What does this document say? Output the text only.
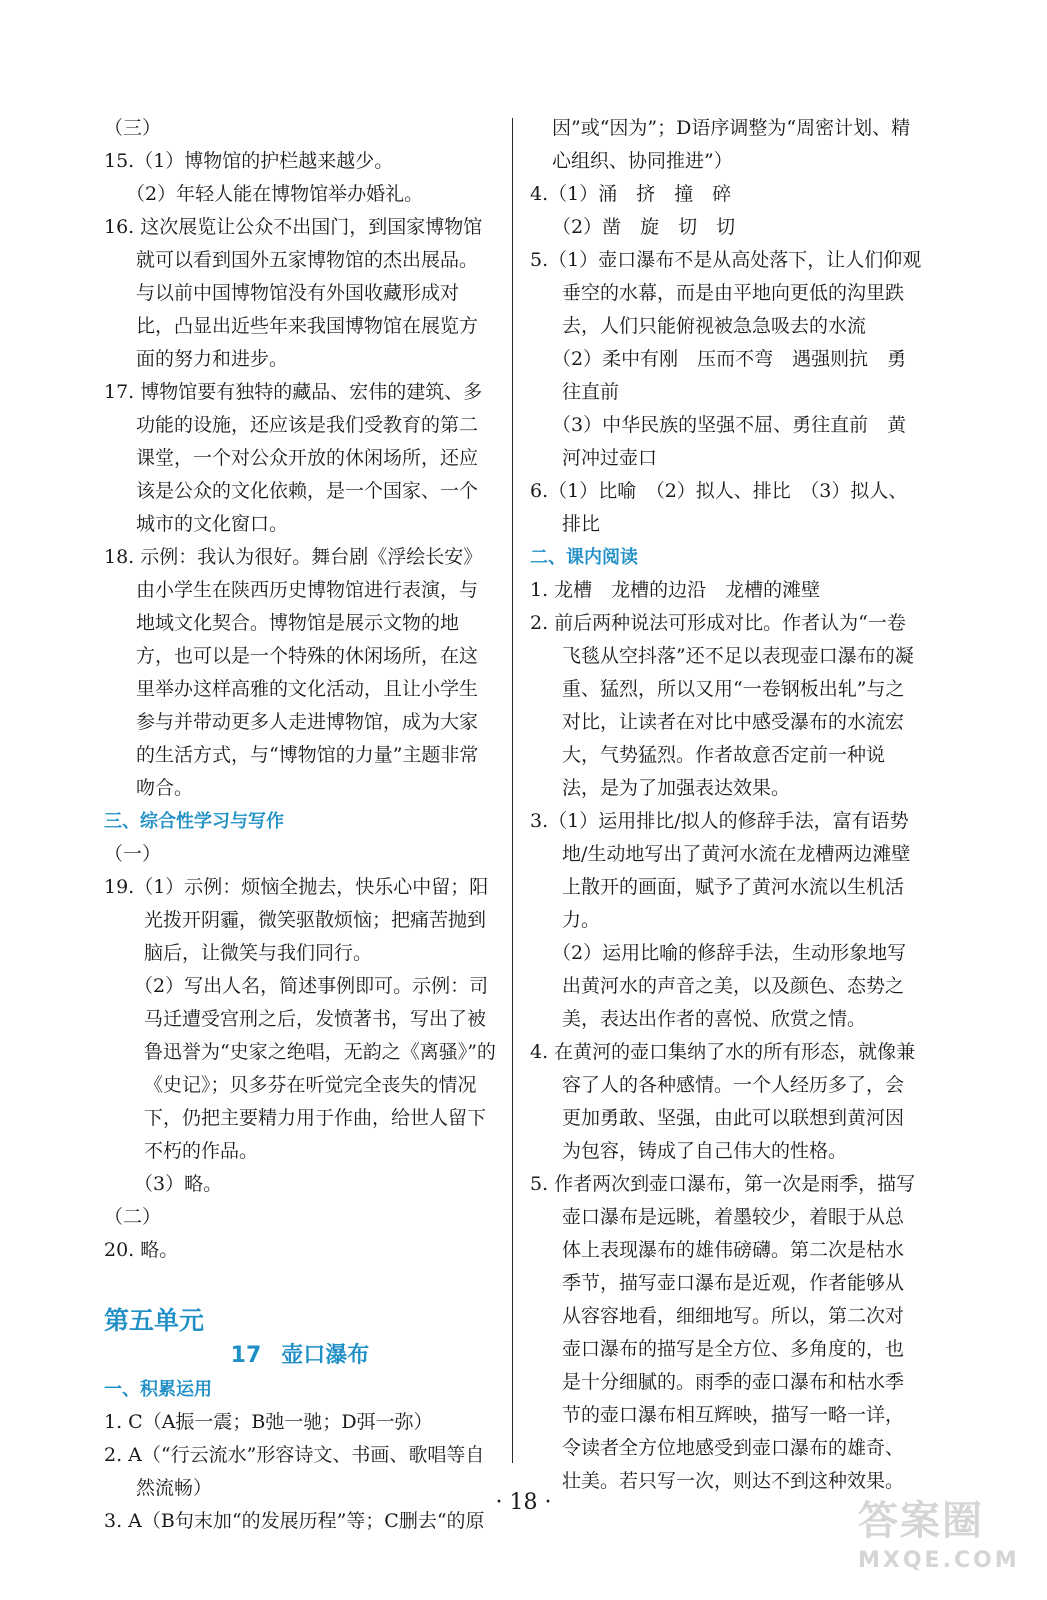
（三）
15.（1）博物馆的护栏越来越少。
（2）年轻人能在博物馆举办婚礼。
16. 这次展览让公众不出国门，到国家博物馆就可以看到国外五家博物馆的杰出展品。与以前中国博物馆没有外国收藏形成对比，凸显出近些年来我国博物馆在展览方面的努力和进步。
17. 博物馆要有独特的藏品、宏伟的建筑、多功能的设施，还应该是我们受教育的第二课堂，一个对公众开放的休闲场所，还应该是公众的文化依赖，是一个国家、一个城市的文化窗口。
18. 示例：我认为很好。舞台剧《浮绘长安》由小学生在陕西历史博物馆进行表演，与地域文化契合。博物馆是展示文物的地方，也可以是一个特殊的休闲场所，在这里举办这样高雅的文化活动，且让小学生参与并带动更多人走进博物馆，成为大家的生活方式，与“博物馆的力量”主题非常吻合。
三、综合性学习与写作
（一）
19.（1）示例：烦恼全抛去，快乐心中留；阳光拨开阴霾，微笑驱散烦恼；把痛苦抛到脑后，让微笑与我们同行。
（2）写出人名，简述事例即可。示例：司马迁遭受宫刑之后，发愤著书，写出了被鲁迅誉为“史家之绝唱，无韵之《离骚》”的《史记》；贝多芬在听觉完全丧失的情况下，仍把主要精力用于作曲，给世人留下不朽的作品。
（3）略。
（二）
20. 略。
第五单元
17 壶口瀑布
一、积累运用
1. C（A振一震；B弛一驰；D弭一弥）
2. A（“行云流水”形容诗文、书画、歌唱等自然流畅）
3. A（B句末加“的发展历程”等；C删去“的原
因”或“因为”；D语序调整为“周密计划、精心组织、协同推进”）
4.（1）涌　挤　撞　碎
（2）凿　旋　切　切
5.（1）壶口瀑布不是从高处落下，让人们仰观垂空的水幕，而是由平地向更低的沟里跌去，人们只能俯视被急急吸去的水流
（2）柔中有刚　压而不弯　遇强则抗　勇往直前
（3）中华民族的坚强不屈、勇往直前　黄河冲过壶口
6.（1）比喻　（2）拟人、排比　（3）拟人、排比
二、课内阅读
1. 龙槽　龙槽的边沿　龙槽的滩壁
2. 前后两种说法可形成对比。作者认为“一卷飞毯从空抖落”还不足以表现壶口瀑布的凝重、猛烈，所以又用“一卷钢板出轧”与之对比，让读者在对比中感受瀑布的水流宏大，气势猛烈。作者故意否定前一种说法，是为了加强表达效果。
3.（1）运用排比/拟人的修辞手法，富有语势地/生动地写出了黄河水流在龙槽两边滩壁上散开的画面，赋予了黄河水流以生机活力。
（2）运用比喻的修辞手法，生动形象地写出黄河水的声音之美，以及颜色、态势之美，表达出作者的喜悦、欣赏之情。
4. 在黄河的壶口集纳了水的所有形态，就像兼容了人的各种感情。一个人经历多了，会更加勇敢、坚强，由此可以联想到黄河因为包容，铸成了自己伟大的性格。
5. 作者两次到壶口瀑布，第一次是雨季，描写壶口瀑布是远眺，着墨较少，着眼于从总体上表现瀑布的雄伟磅礴。第二次是枯水季节，描写壶口瀑布是近观，作者能够从从容容地看，细细地写。所以，第二次对壶口瀑布的描写是全方位、多角度的，也是十分细腻的。雨季的壶口瀑布和枯水季节的壶口瀑布相互辉映，描写一略一详，令读者全方位地感受到壶口瀑布的雄奇、壮美。若只写一次，则达不到这种效果。
· 18 ·	答案圈
MXQE.COM
